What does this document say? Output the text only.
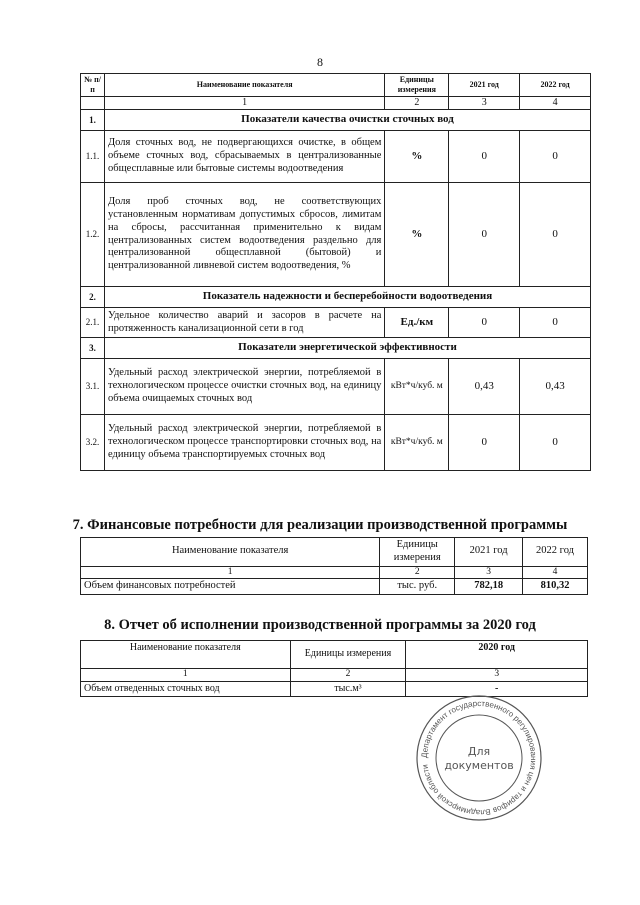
8
№ п/п	Наименование показателя	Единицы измерения	2021 год	2022 год
	1	2	3	4
1.	Показатели качества очистки сточных вод			
1.1.	Доля сточных вод, не подвергающихся очистке, в общем объеме сточных вод, сбрасываемых в централизованные общесплавные или бытовые системы водоотведения	%	0	0
1.2.	Доля проб сточных вод, не соответствующих установленным нормативам допустимых сбросов, лимитам на сбросы, рассчитанная применительно к видам централизованных систем водоотведения раздельно для централизованной общесплавной (бытовой) и централизованной ливневой систем водоотведения, %	%	0	0
2.	Показатель надежности и бесперебойности водоотведения			
2.1.	Удельное количество аварий и засоров в расчете на протяженность канализационной сети в год	Ед./км	0	0
3.	Показатели энергетической эффективности			
3.1.	Удельный расход электрической энергии, потребляемой в технологическом процессе очистки сточных вод, на единицу объема очищаемых сточных вод	кВт*ч/куб. м	0,43	0,43
3.2.	Удельный расход электрической энергии, потребляемой в технологическом процессе транспортировки сточных вод, на единицу объема транспортируемых сточных вод	кВт*ч/куб. м	0	0
7. Финансовые потребности для реализации производственной программы
Наименование показателя	Единицы измерения	2021 год	2022 год
1	2	3	4
Объем финансовых потребностей	тыс. руб.	782,18	810,32
8. Отчет об исполнении производственной программы за 2020 год
Наименование показателя	Единицы измерения	2020 год
1	2	3
Объем отведенных сточных вод	тыс.м³	-
Департамент государственного регулирования цен и тарифов Владимирской области
Для
документов
